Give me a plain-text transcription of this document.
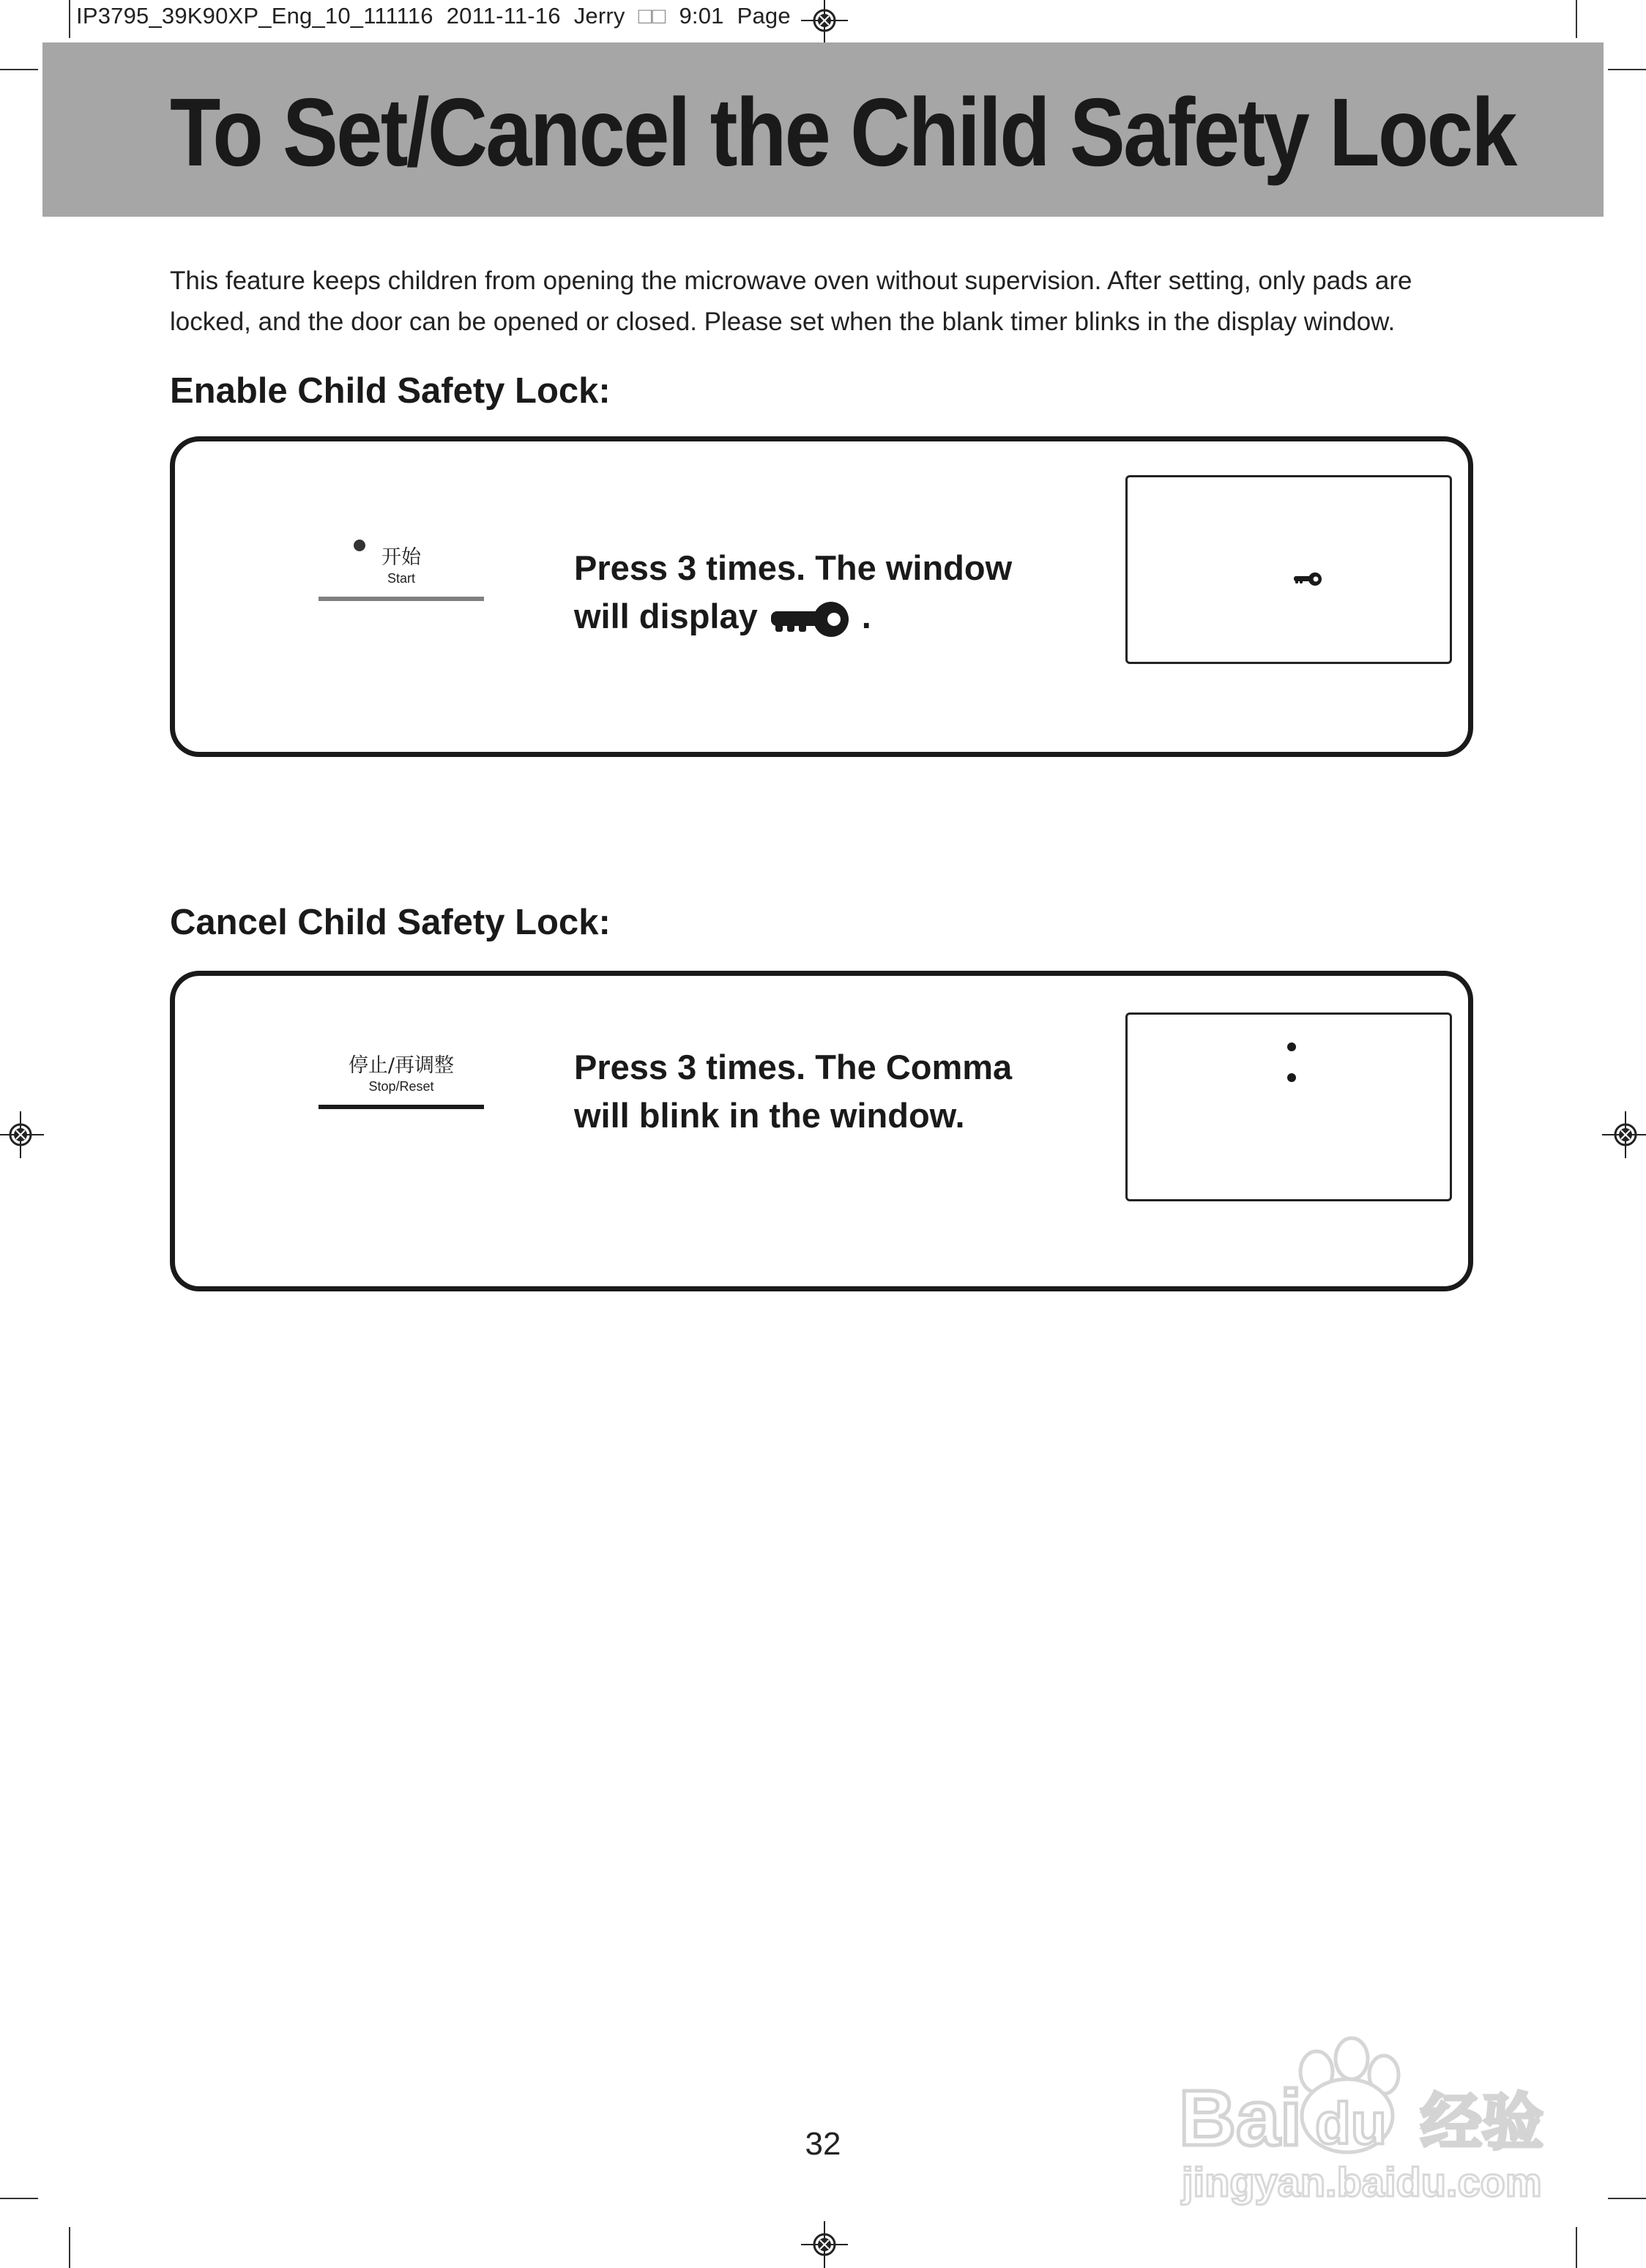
IP3795_39K90XP_Eng_10_111116 2011-11-16 Jerry □□ 9:01 Page
To Set/Cancel the Child Safety Lock

This feature keeps children from opening the microwave oven without supervision. After setting, only pads are locked, and the door can be opened or closed. Please set when the blank timer blinks in the display window.

Enable Child Safety Lock:
开始
Start	Press 3 times. The window
will display	.

Cancel Child Safety Lock:
停止/再调整
Stop/Reset	Press 3 times. The Comma
will blink in the window.

32	Bai du 经验
jingyan.baidu.com
